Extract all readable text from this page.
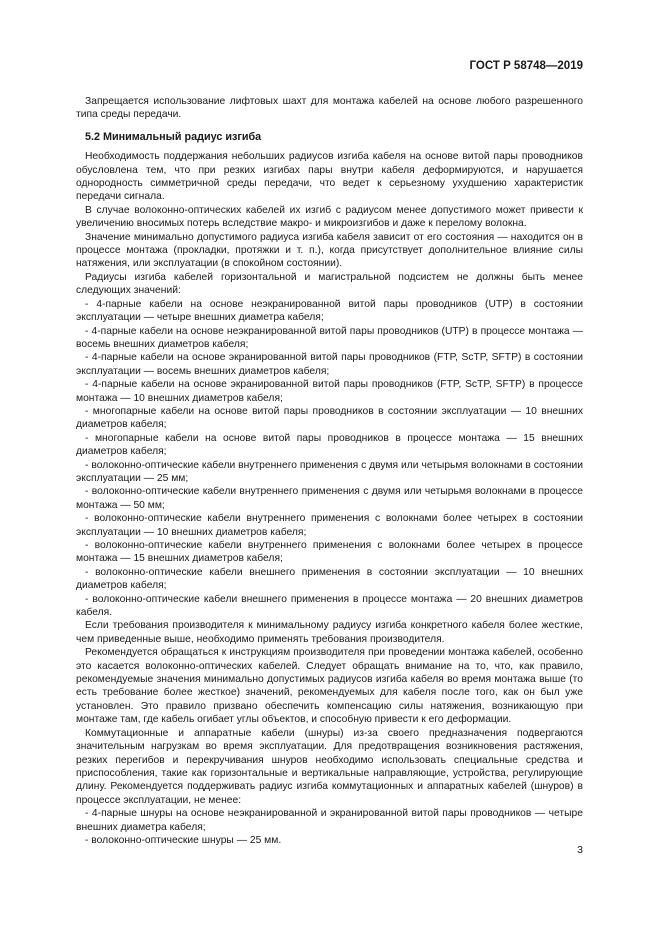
ГОСТ Р 58748—2019

Запрещается использование лифтовых шахт для монтажа кабелей на основе любого разрешенного типа среды передачи.

5.2 Минимальный радиус изгиба

Необходимость поддержания небольших радиусов изгиба кабеля на основе витой пары проводников обусловлена тем, что при резких изгибах пары внутри кабеля деформируются, и нарушается однородность симметричной среды передачи, что ведет к серьезному ухудшению характеристик передачи сигнала.

В случае волоконно-оптических кабелей их изгиб с радиусом менее допустимого может привести к увеличению вносимых потерь вследствие макро- и микроизгибов и даже к перелому волокна.

Значение минимально допустимого радиуса изгиба кабеля зависит от его состояния — находится он в процессе монтажа (прокладки, протяжки и т. п.), когда присутствует дополнительное влияние силы натяжения, или эксплуатации (в спокойном состоянии).

Радиусы изгиба кабелей горизонтальной и магистральной подсистем не должны быть менее следующих значений:

- 4-парные кабели на основе неэкранированной витой пары проводников (UTP) в состоянии эксплуатации — четыре внешних диаметра кабеля;

- 4-парные кабели на основе неэкранированной витой пары проводников (UTP) в процессе монтажа — восемь внешних диаметров кабеля;

- 4-парные кабели на основе экранированной витой пары проводников (FTP, ScTP, SFTP) в состоянии эксплуатации — восемь внешних диаметров кабеля;

- 4-парные кабели на основе экранированной витой пары проводников (FTP, ScTP, SFTP) в процессе монтажа — 10 внешних диаметров кабеля;

- многопарные кабели на основе витой пары проводников в состоянии эксплуатации — 10 внешних диаметров кабеля;

- многопарные кабели на основе витой пары проводников в процессе монтажа — 15 внешних диаметров кабеля;

- волоконно-оптические кабели внутреннего применения с двумя или четырьмя волокнами в состоянии эксплуатации — 25 мм;

- волоконно-оптические кабели внутреннего применения с двумя или четырьмя волокнами в процессе монтажа — 50 мм;

- волоконно-оптические кабели внутреннего применения с волокнами более четырех в состоянии эксплуатации — 10 внешних диаметров кабеля;

- волоконно-оптические кабели внутреннего применения с волокнами более четырех в процессе монтажа — 15 внешних диаметров кабеля;

- волоконно-оптические кабели внешнего применения в состоянии эксплуатации — 10 внешних диаметров кабеля;

- волоконно-оптические кабели внешнего применения в процессе монтажа — 20 внешних диаметров кабеля.

Если требования производителя к минимальному радиусу изгиба конкретного кабеля более жесткие, чем приведенные выше, необходимо применять требования производителя.

Рекомендуется обращаться к инструкциям производителя при проведении монтажа кабелей, особенно это касается волоконно-оптических кабелей. Следует обращать внимание на то, что, как правило, рекомендуемые значения минимально допустимых радиусов изгиба кабеля во время монтажа выше (то есть требование более жесткое) значений, рекомендуемых для кабеля после того, как он был уже установлен. Это правило призвано обеспечить компенсацию силы натяжения, возникающую при монтаже там, где кабель огибает углы объектов, и способную привести к его деформации.

Коммутационные и аппаратные кабели (шнуры) из-за своего предназначения подвергаются значительным нагрузкам во время эксплуатации. Для предотвращения возникновения растяжения, резких перегибов и перекручивания шнуров необходимо использовать специальные средства и приспособления, такие как горизонтальные и вертикальные направляющие, устройства, регулирующие длину. Рекомендуется поддерживать радиус изгиба коммутационных и аппаратных кабелей (шнуров) в процессе эксплуатации, не менее:

- 4-парные шнуры на основе неэкранированной и экранированной витой пары проводников — четыре внешних диаметра кабеля;

- волоконно-оптические шнуры — 25 мм.

3
